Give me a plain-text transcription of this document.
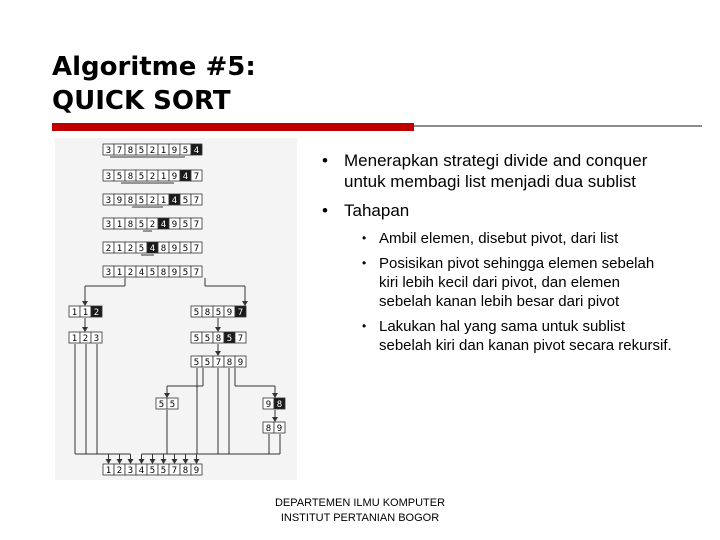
Algoritme #5:
QUICK SORT
3 7 8 5 2 1 9 5 4
3 5 8 5 2 1 9 4 7
3 9 8 5 2 1 4 5 7
3 1 8 5 2 4 9 5 7
2 1 2 5 4 8 9 5 7
3 1 2 4 5 8 9 5 7
1 1 2
1 2 3
5 8 5 9 7
5 5 8 5 7
5 5 7 8 9
5 5	9 8
8 9
1 2 3 4 5 5 7 8 9
• Menerapkan strategi divide and conquer untuk membagi list menjadi dua sublist
• Tahapan
• Ambil elemen, disebut pivot, dari list
• Posisikan pivot sehingga elemen sebelah kiri lebih kecil dari pivot, dan elemen sebelah kanan lebih besar dari pivot
• Lakukan hal yang sama untuk sublist sebelah kiri dan kanan pivot secara rekursif.
DEPARTEMEN ILMU KOMPUTER
INSTITUT PERTANIAN BOGOR
